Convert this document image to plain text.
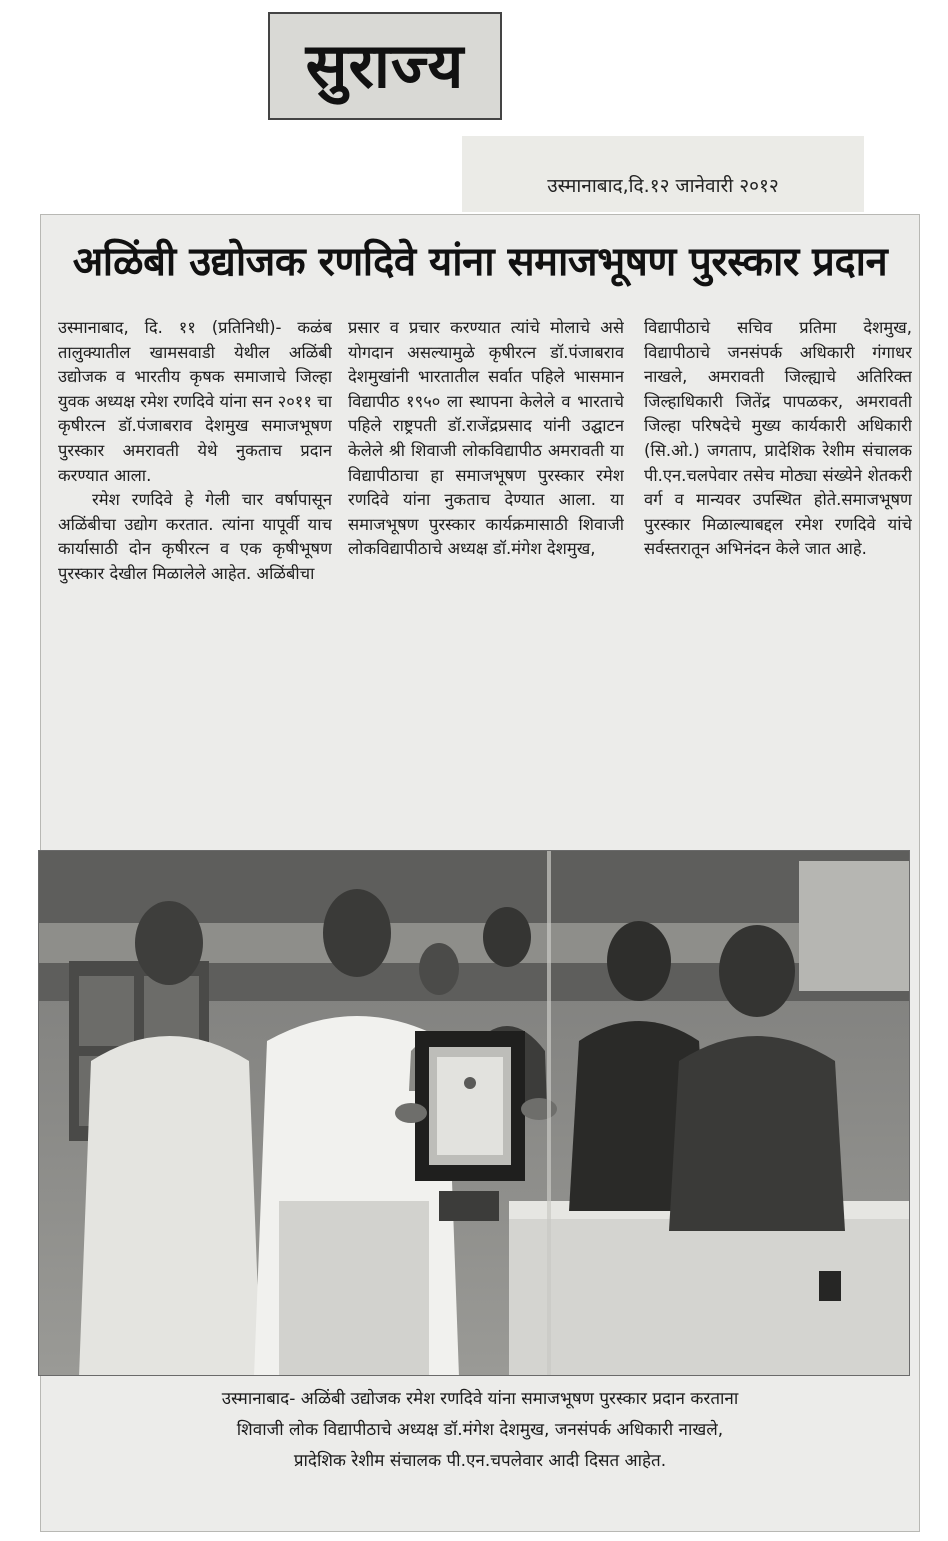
सुराज्य
उस्मानाबाद,दि.१२ जानेवारी २०१२
अळिंबी उद्योजक रणदिवे यांना समाजभूषण पुरस्कार प्रदान

उस्मानाबाद, दि. ११ (प्रतिनिधी)- कळंब तालुक्यातील खामसवाडी येथील अळिंबी उद्योजक व भारतीय कृषक समाजाचे जिल्हा युवक अध्यक्ष रमेश रणदिवे यांना सन २०११ चा कृषीरत्न डॉ.पंजाबराव देशमुख समाजभूषण पुरस्कार अमरावती येथे नुकताच प्रदान करण्यात आला.

रमेश रणदिवे हे गेली चार वर्षापासून अळिंबीचा उद्योग करतात. त्यांना यापूर्वी याच कार्यासाठी दोन कृषीरत्न व एक कृषीभूषण पुरस्कार देखील मिळालेले आहेत. अळिंबीचा

प्रसार व प्रचार करण्यात त्यांचे मोलाचे असे योगदान असल्यामुळे कृषीरत्न डॉ.पंजाबराव देशमुखांनी भारतातील सर्वात पहिले भासमान विद्यापीठ १९५० ला स्थापना केलेले व भारताचे पहिले राष्ट्रपती डॉ.राजेंद्रप्रसाद यांनी उद्घाटन केलेले श्री शिवाजी लोकविद्यापीठ अमरावती या विद्यापीठाचा हा समाजभूषण पुरस्कार रमेश रणदिवे यांना नुकताच देण्यात आला. या समाजभूषण पुरस्कार कार्यक्रमासाठी शिवाजी लोकविद्यापीठाचे अध्यक्ष डॉ.मंगेश देशमुख,

विद्यापीठाचे सचिव प्रतिमा देशमुख, विद्यापीठाचे जनसंपर्क अधिकारी गंगाधर नाखले, अमरावती जिल्ह्याचे अतिरिक्त जिल्हाधिकारी जितेंद्र पापळकर, अमरावती जिल्हा परिषदेचे मुख्य कार्यकारी अधिकारी (सि.ओ.) जगताप, प्रादेशिक रेशीम संचालक पी.एन.चलपेवार तसेच मोठ्या संख्येने शेतकरी वर्ग व मान्यवर उपस्थित होते.समाजभूषण पुरस्कार मिळाल्याबद्दल रमेश रणदिवे यांचे सर्वस्तरातून अभिनंदन केले जात आहे.

उस्मानाबाद- अळिंबी उद्योजक रमेश रणदिवे यांना समाजभूषण पुरस्कार प्रदान करताना
शिवाजी लोक विद्यापीठाचे अध्यक्ष डॉ.मंगेश देशमुख, जनसंपर्क अधिकारी नाखले,
प्रादेशिक रेशीम संचालक पी.एन.चपलेवार आदी दिसत आहेत.
